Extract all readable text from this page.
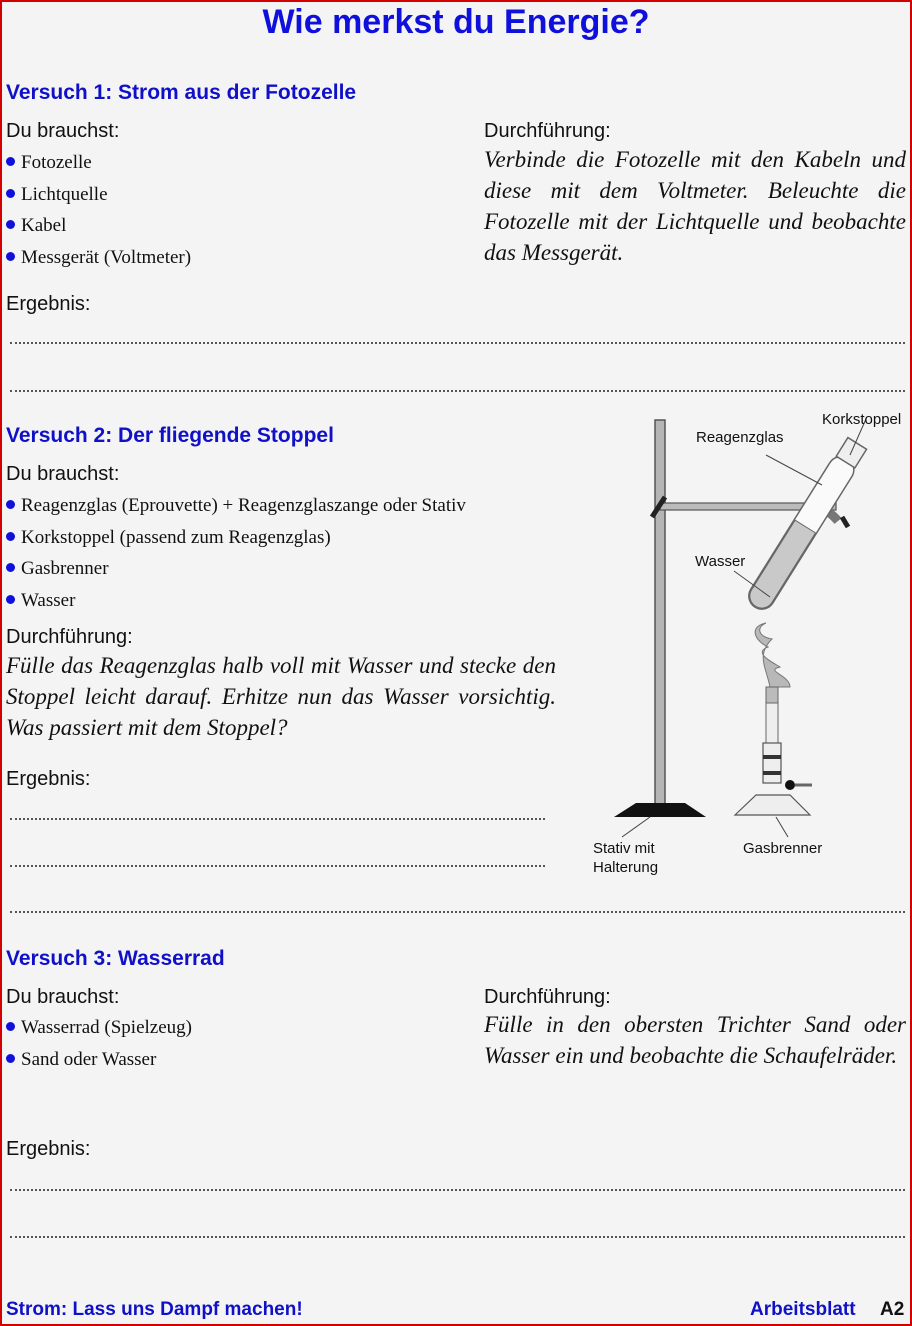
Wie merkst du Energie?
Versuch 1: Strom aus der Fotozelle
Du brauchst:
Fotozelle
Lichtquelle
Kabel
Messgerät (Voltmeter)
Durchführung:
Verbinde die Fotozelle mit den Kabeln und diese mit dem Voltmeter. Beleuchte die Fotozelle mit der Lichtquelle und beobachte das Messgerät.
Ergebnis:
Versuch 2: Der fliegende Stoppel
Du brauchst:
Reagenzglas (Eprouvette) + Reagenzglaszange oder Stativ
Korkstoppel (passend zum Reagenzglas)
Gasbrenner
Wasser
Durchführung:
Fülle das Reagenzglas halb voll mit Wasser und stecke den Stoppel leicht darauf. Erhitze nun das Wasser vorsichtig. Was passiert mit dem Stoppel?
Ergebnis:
Korkstoppel
Reagenzglas
Wasser
Stativ mit
Halterung
Gasbrenner
Versuch 3: Wasserrad
Du brauchst:
Wasserrad (Spielzeug)
Sand oder Wasser
Durchführung:
Fülle in den obersten Trichter Sand oder Wasser ein und beobachte die Schaufelräder.
Ergebnis:
Strom: Lass uns Dampf machen!	Arbeitsblatt A2
